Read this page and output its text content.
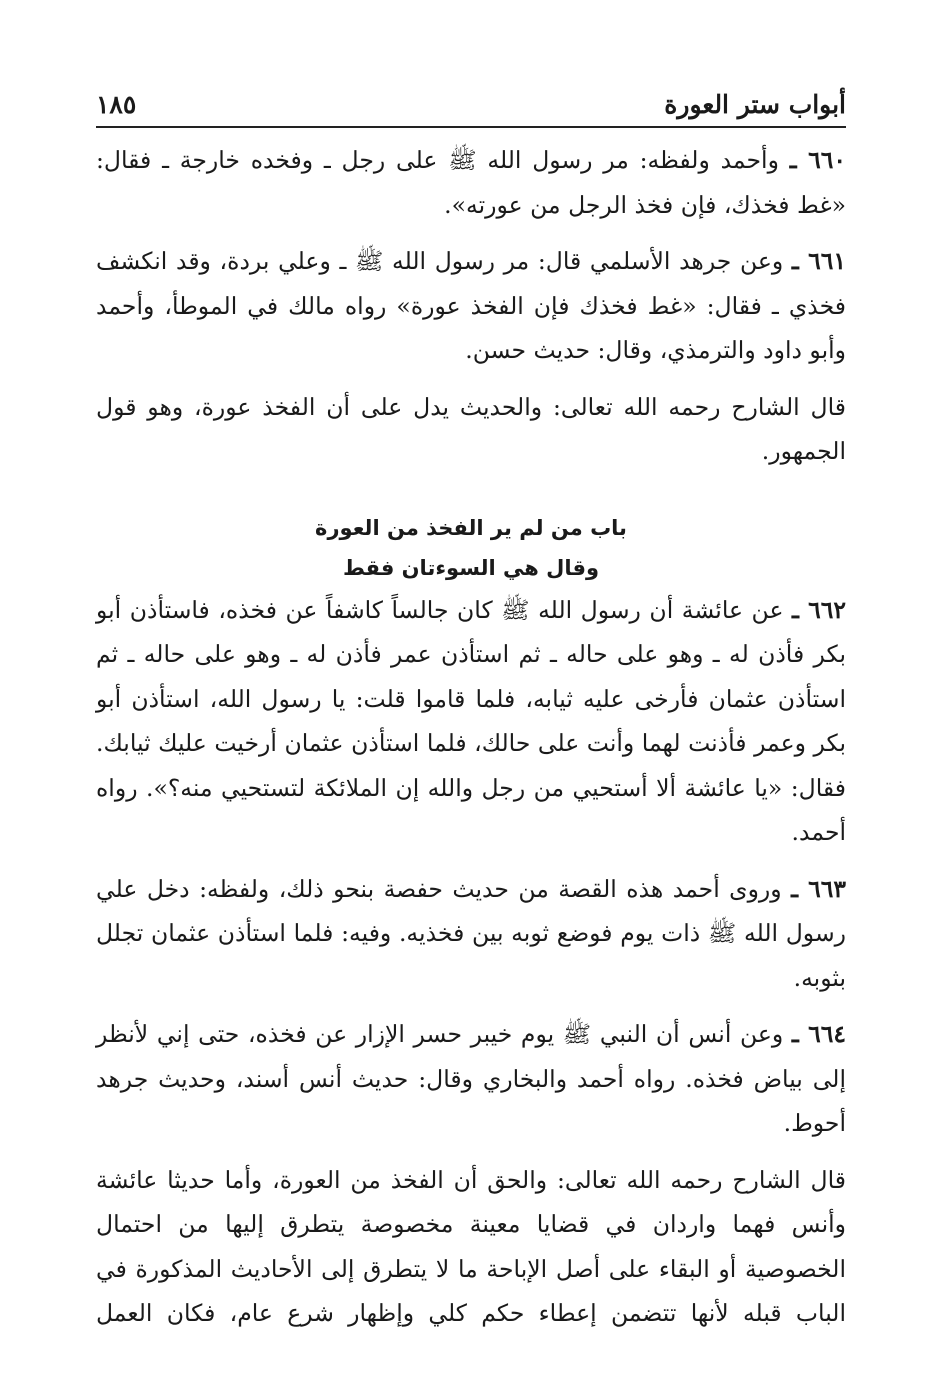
أبواب ستر العورة
١٨٥

٦٦٠ ـ وأحمد ولفظه: مر رسول الله ﷺ على رجل ـ وفخده خارجة ـ فقال: «غط فخذك، فإن فخذ الرجل من عورته».

٦٦١ ـ وعن جرهد الأسلمي قال: مر رسول الله ﷺ ـ وعلي بردة، وقد انكشف فخذي ـ فقال: «غط فخذك فإن الفخذ عورة» رواه مالك في الموطأ، وأحمد وأبو داود والترمذي، وقال: حديث حسن.

قال الشارح رحمه الله تعالى: والحديث يدل على أن الفخذ عورة، وهو قول الجمهور.

باب من لم ير الفخذ من العورة

وقال هي السوءتان فقط

٦٦٢ ـ عن عائشة أن رسول الله ﷺ كان جالساً كاشفاً عن فخذه، فاستأذن أبو بكر فأذن له ـ وهو على حاله ـ ثم استأذن عمر فأذن له ـ وهو على حاله ـ ثم استأذن عثمان فأرخى عليه ثيابه، فلما قاموا قلت: يا رسول الله، استأذن أبو بكر وعمر فأذنت لهما وأنت على حالك، فلما استأذن عثمان أرخيت عليك ثيابك. فقال: «يا عائشة ألا أستحيي من رجل والله إن الملائكة لتستحيي منه؟». رواه أحمد.

٦٦٣ ـ وروى أحمد هذه القصة من حديث حفصة بنحو ذلك، ولفظه: دخل علي رسول الله ﷺ ذات يوم فوضع ثوبه بين فخذيه. وفيه: فلما استأذن عثمان تجلل بثوبه.

٦٦٤ ـ وعن أنس أن النبي ﷺ يوم خيبر حسر الإزار عن فخذه، حتى إني لأنظر إلى بياض فخذه. رواه أحمد والبخاري وقال: حديث أنس أسند، وحديث جرهد أحوط.

قال الشارح رحمه الله تعالى: والحق أن الفخذ من العورة، وأما حديثا عائشة وأنس فهما واردان في قضايا معينة مخصوصة يتطرق إليها من احتمال الخصوصية أو البقاء على أصل الإباحة ما لا يتطرق إلى الأحاديث المذكورة في الباب قبله لأنها تتضمن إعطاء حكم كلي وإظهار شرع عام، فكان العمل
